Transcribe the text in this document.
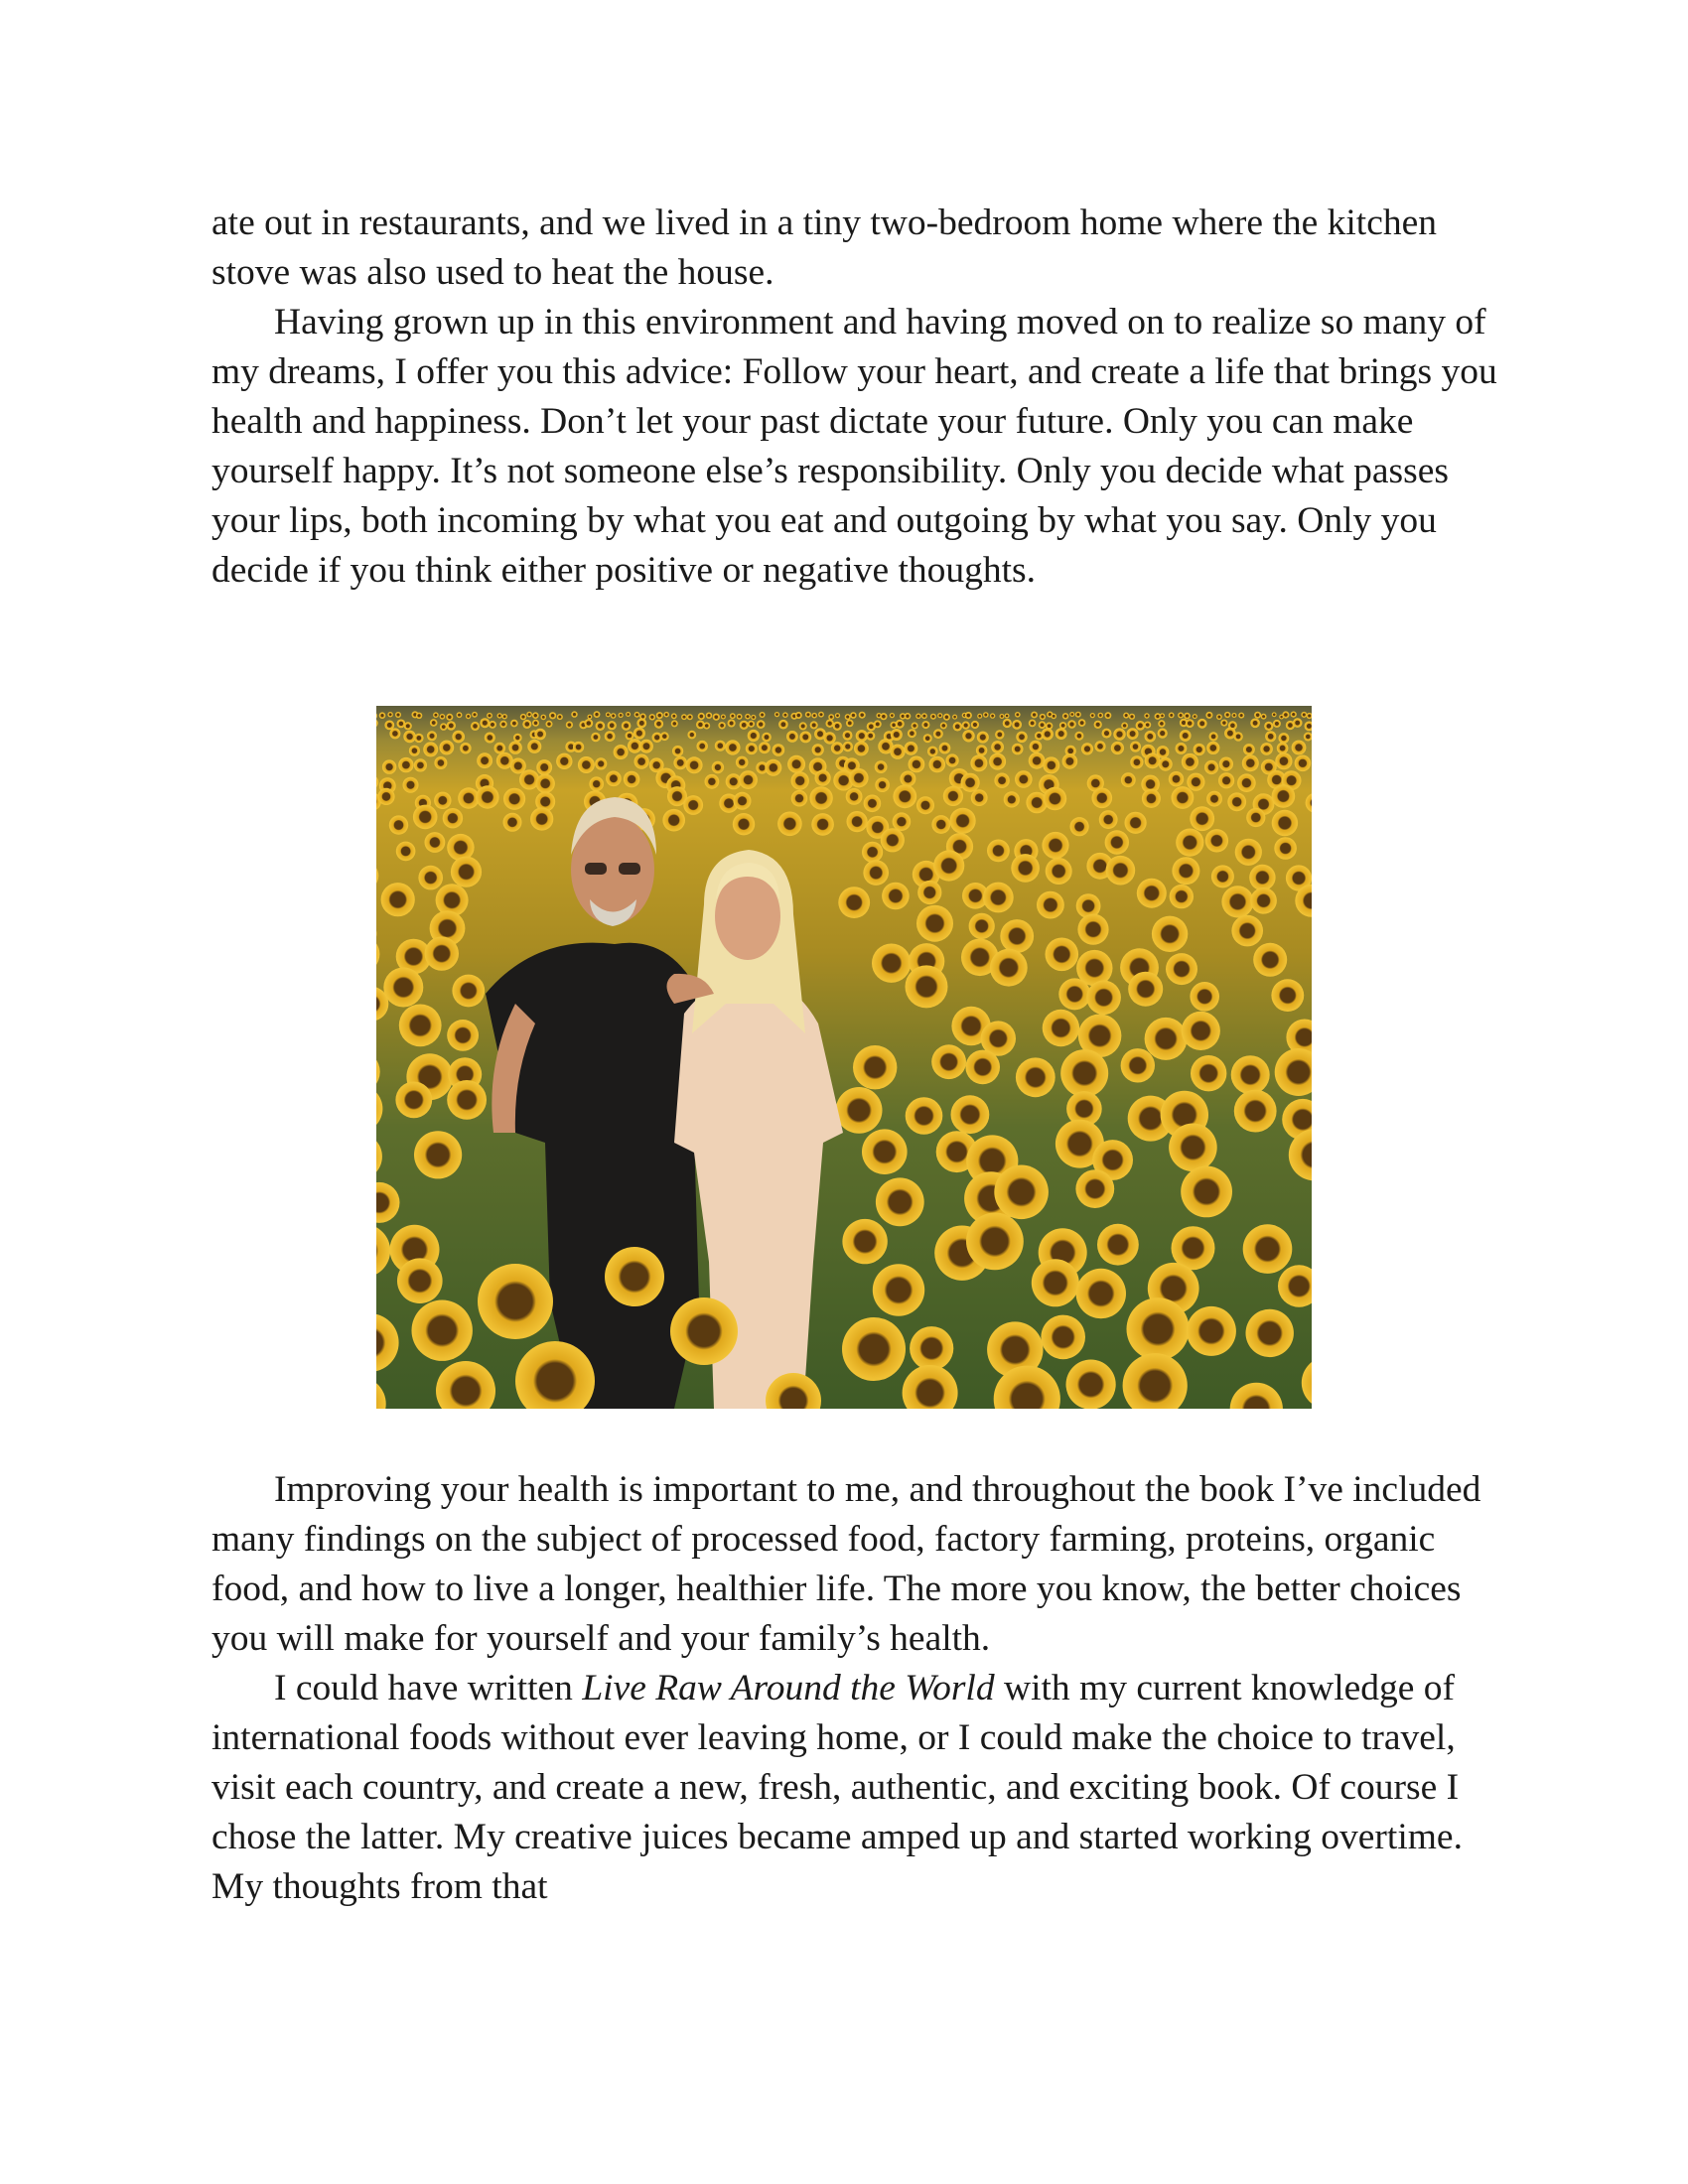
ate out in restaurants, and we lived in a tiny two-bedroom home where the kitchen stove was also used to heat the house.

Having grown up in this environment and having moved on to realize so many of my dreams, I offer you this advice: Follow your heart, and create a life that brings you health and happiness. Don’t let your past dictate your future. Only you can make yourself happy. It’s not someone else’s responsibility. Only you decide what passes your lips, both incoming by what you eat and outgoing by what you say. Only you decide if you think either positive or negative thoughts.

Improving your health is important to me, and throughout the book I’ve included many findings on the subject of processed food, factory farming, proteins, organic food, and how to live a longer, healthier life. The more you know, the better choices you will make for yourself and your family’s health.

I could have written Live Raw Around the World with my current knowledge of international foods without ever leaving home, or I could make the choice to travel, visit each country, and create a new, fresh, authentic, and exciting book. Of course I chose the latter. My creative juices became amped up and started working overtime. My thoughts from that
